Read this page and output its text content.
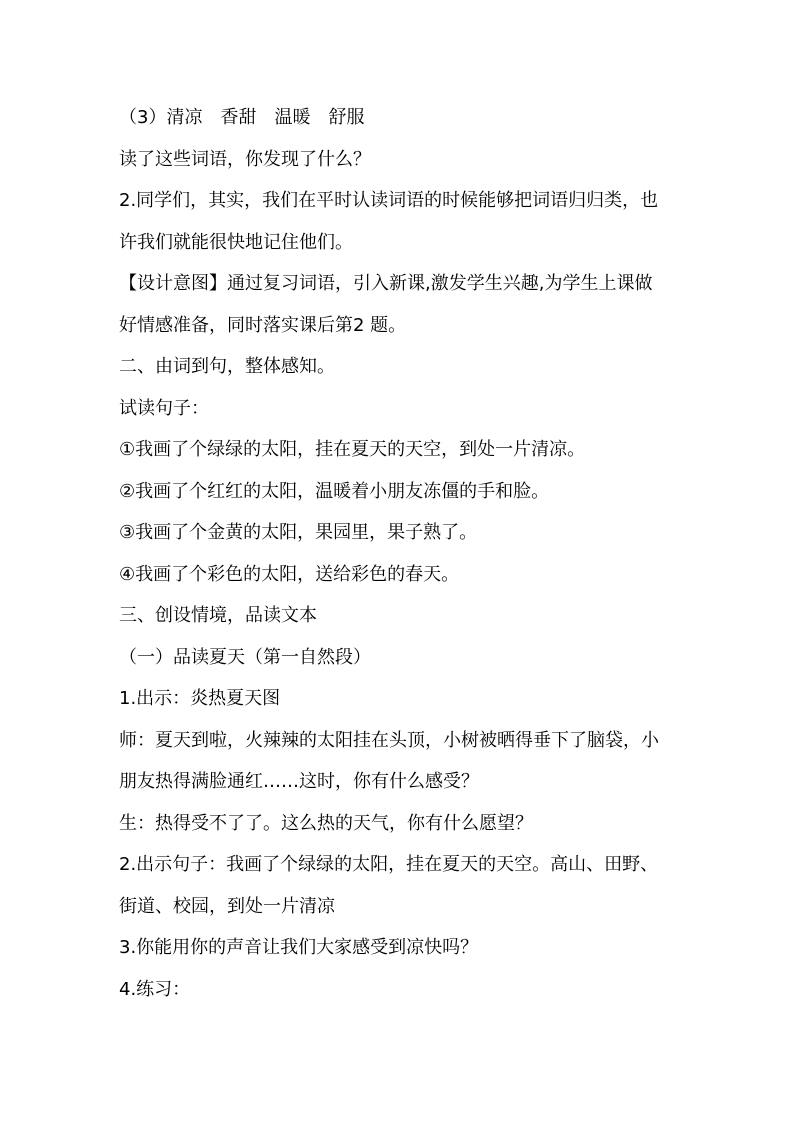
（3）清凉　香甜　温暖　舒服
读了这些词语，你发现了什么？
2.同学们，其实，我们在平时认读词语的时候能够把词语归归类，也
许我们就能很快地记住他们。
【设计意图】通过复习词语，引入新课,激发学生兴趣,为学生上课做
好情感准备，同时落实课后第2 题。
二、由词到句，整体感知。
试读句子：
①我画了个绿绿的太阳，挂在夏天的天空，到处一片清凉。
②我画了个红红的太阳，温暖着小朋友冻僵的手和脸。
③我画了个金黄的太阳，果园里，果子熟了。
④我画了个彩色的太阳，送给彩色的春天。
三、创设情境，品读文本
（一）品读夏天（第一自然段）
1.出示：炎热夏天图
师：夏天到啦，火辣辣的太阳挂在头顶，小树被晒得垂下了脑袋，小
朋友热得满脸通红……这时，你有什么感受？
生：热得受不了了。这么热的天气，你有什么愿望？
2.出示句子：我画了个绿绿的太阳，挂在夏天的天空。高山、田野、
街道、校园，到处一片清凉
3.你能用你的声音让我们大家感受到凉快吗？
4.练习：
